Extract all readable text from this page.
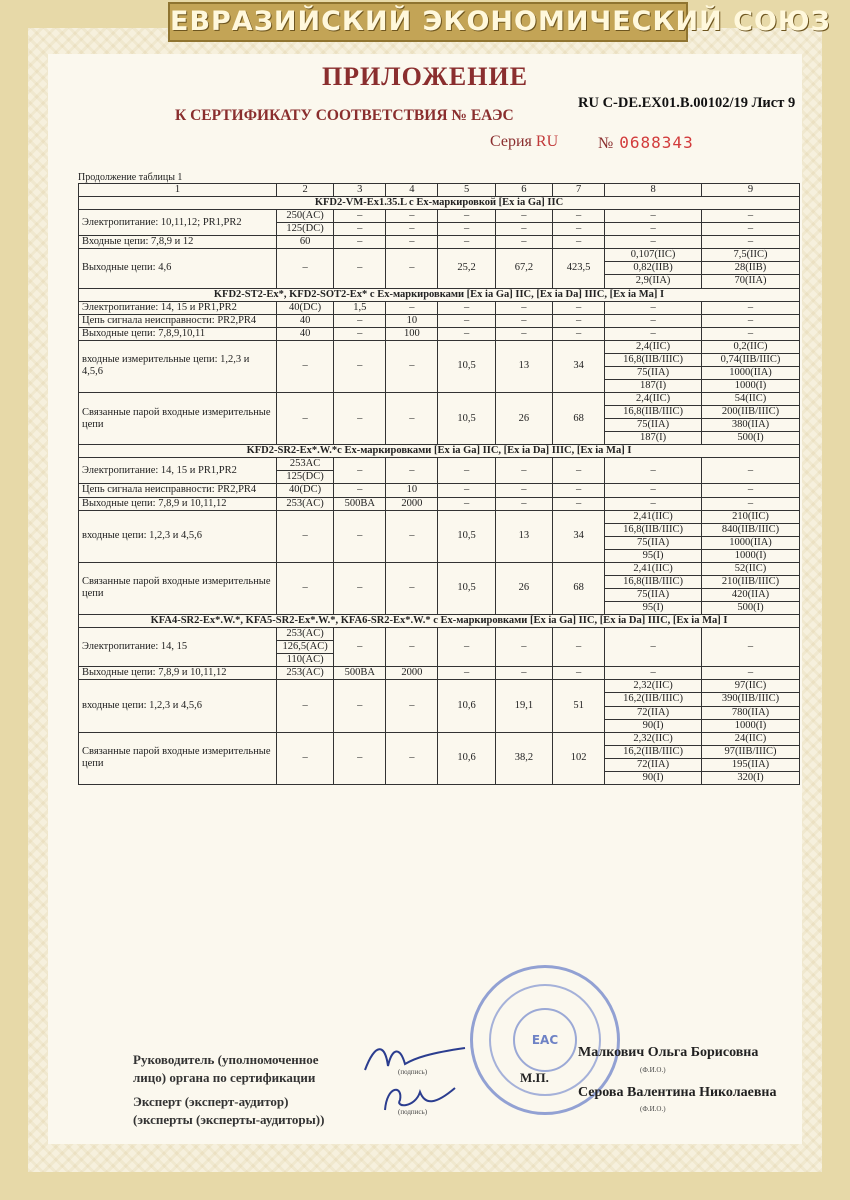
ЕВРАЗИЙСКИЙ ЭКОНОМИЧЕСКИЙ СОЮЗ
ПРИЛОЖЕНИЕ
К СЕРТИФИКАТУ СООТВЕТСТВИЯ № ЕАЭС
RU C-DE.EX01.B.00102/19 Лист 9
Серия RU № 0688343
Продолжение таблицы 1
1	2	3	4	5	6	7	8	9
KFD2-VM-Ex1.35.L с Ex-маркировкой [Ex ia Ga] IIC								
Электропитание: 10,11,12; PR1,PR2	250(AC)	–	–	–	–	–	–	–
	125(DC)	–	–	–	–	–	–	–
Входные цепи: 7,8,9 и 12	60	–	–	–	–	–	–	–
Выходные цепи: 4,6	–	–	–	25,2	67,2	423,5	0,107(IIC)	7,5(IIC)
							0,82(IIB)	28(IIB)
							2,9(IIA)	70(IIA)
KFD2-ST2-Ex*, KFD2-SOT2-Ex* с Ex-маркировками [Ex ia Ga] IIC, [Ex ia Da] IIIC, [Ex ia Ma] I								
Электропитание: 14, 15 и PR1,PR2	40(DC)	1,5	–	–	–	–	–	–
Цепь сигнала неисправности: PR2,PR4	40	–	10	–	–	–	–	–
Выходные цепи: 7,8,9,10,11	40	–	100	–	–	–	–	–
входные измерительные цепи: 1,2,3 и 4,5,6	–	–	–	10,5	13	34	2,4(IIC)	0,2(IIC)
							16,8(IIB/IIIC)	0,74(IIB/IIIC)
							75(IIA)	1000(IIA)
							187(I)	1000(I)
Связанные парой входные измерительные цепи	–	–	–	10,5	26	68	2,4(IIC)	54(IIC)
							16,8(IIB/IIIC)	200(IIB/IIIC)
							75(IIA)	380(IIA)
							187(I)	500(I)
KFD2-SR2-Ex*.W.*с Ex-маркировками [Ex ia Ga] IIC, [Ex ia Da] IIIC, [Ex ia Ma] I								
Электропитание: 14, 15 и PR1,PR2	253AC	–	–	–	–	–	–	–
	125(DC)							
Цепь сигнала неисправности: PR2,PR4	40(DC)	–	10	–	–	–	–	–
Выходные цепи: 7,8,9 и 10,11,12	253(AC)	500BA	2000	–	–	–	–	–
входные цепи: 1,2,3 и 4,5,6	–	–	–	10,5	13	34	2,41(IIC)	210(IIC)
							16,8(IIB/IIIC)	840(IIB/IIIC)
							75(IIA)	1000(IIA)
							95(I)	1000(I)
Связанные парой входные измерительные цепи	–	–	–	10,5	26	68	2,41(IIC)	52(IIC)
							16,8(IIB/IIIC)	210(IIB/IIIC)
							75(IIA)	420(IIA)
							95(I)	500(I)
KFA4-SR2-Ex*.W.*, KFA5-SR2-Ex*.W.*, KFA6-SR2-Ex*.W.* с Ex-маркировками [Ex ia Ga] IIC, [Ex ia Da] IIIC, [Ex ia Ma] I								
Электропитание: 14, 15	253(AC)	–	–	–	–	–	–	–
	126,5(AC)							
	110(AC)							
Выходные цепи: 7,8,9 и 10,11,12	253(AC)	500BA	2000	–	–	–	–	–
входные цепи: 1,2,3 и 4,5,6	–	–	–	10,6	19,1	51	2,32(IIC)	97(IIC)
							16,2(IIB/IIIC)	390(IIB/IIIC)
							72(IIA)	780(IIA)
							90(I)	1000(I)
Связанные парой входные измерительные цепи	–	–	–	10,6	38,2	102	2,32(IIC)	24(IIC)
							16,2(IIB/IIIC)	97(IIB/IIIC)
							72(IIA)	195(IIA)
							90(I)	320(I)
EAC
Руководитель (уполномоченное
лицо) органа по сертификации
Эксперт (эксперт-аудитор)
(эксперты (эксперты-аудиторы))
(подпись)
(подпись)
М.П.
Малкович Ольга Борисовна
(Ф.И.О.)
Серова Валентина Николаевна
(Ф.И.О.)
